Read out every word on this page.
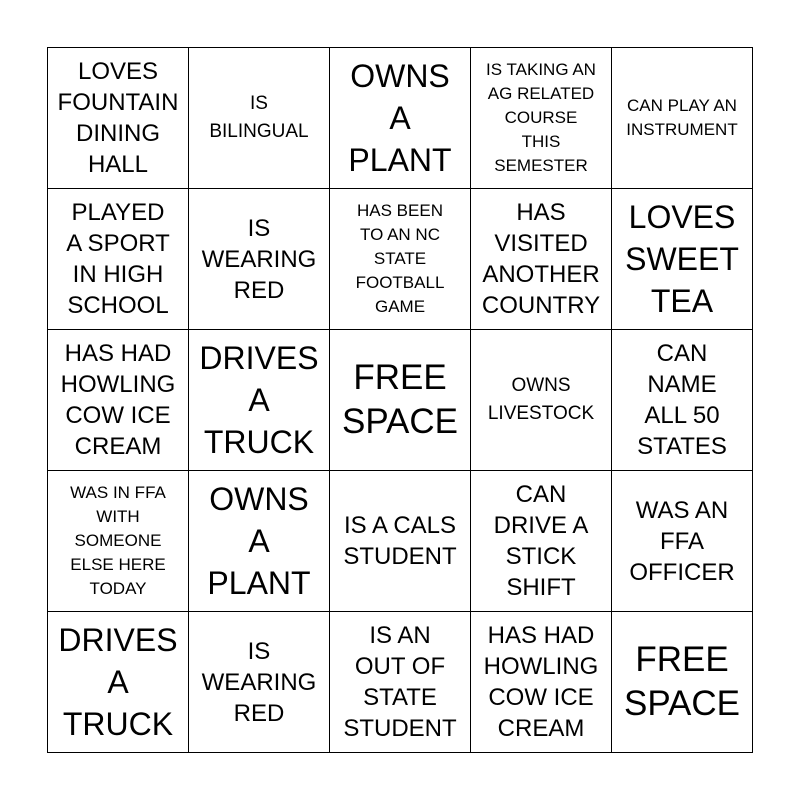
LOVES
FOUNTAIN
DINING
HALL
IS
BILINGUAL
OWNS
A
PLANT
IS TAKING AN
AG RELATED
COURSE
THIS
SEMESTER
CAN PLAY AN
INSTRUMENT
PLAYED
A SPORT
IN HIGH
SCHOOL
IS
WEARING
RED
HAS BEEN
TO AN NC
STATE
FOOTBALL
GAME
HAS
VISITED
ANOTHER
COUNTRY
LOVES
SWEET
TEA
HAS HAD
HOWLING
COW ICE
CREAM
DRIVES
A
TRUCK
FREE
SPACE
OWNS
LIVESTOCK
CAN
NAME
ALL 50
STATES
WAS IN FFA
WITH
SOMEONE
ELSE HERE
TODAY
OWNS
A
PLANT
IS A CALS
STUDENT
CAN
DRIVE A
STICK
SHIFT
WAS AN
FFA
OFFICER
DRIVES
A
TRUCK
IS
WEARING
RED
IS AN
OUT OF
STATE
STUDENT
HAS HAD
HOWLING
COW ICE
CREAM
FREE
SPACE
